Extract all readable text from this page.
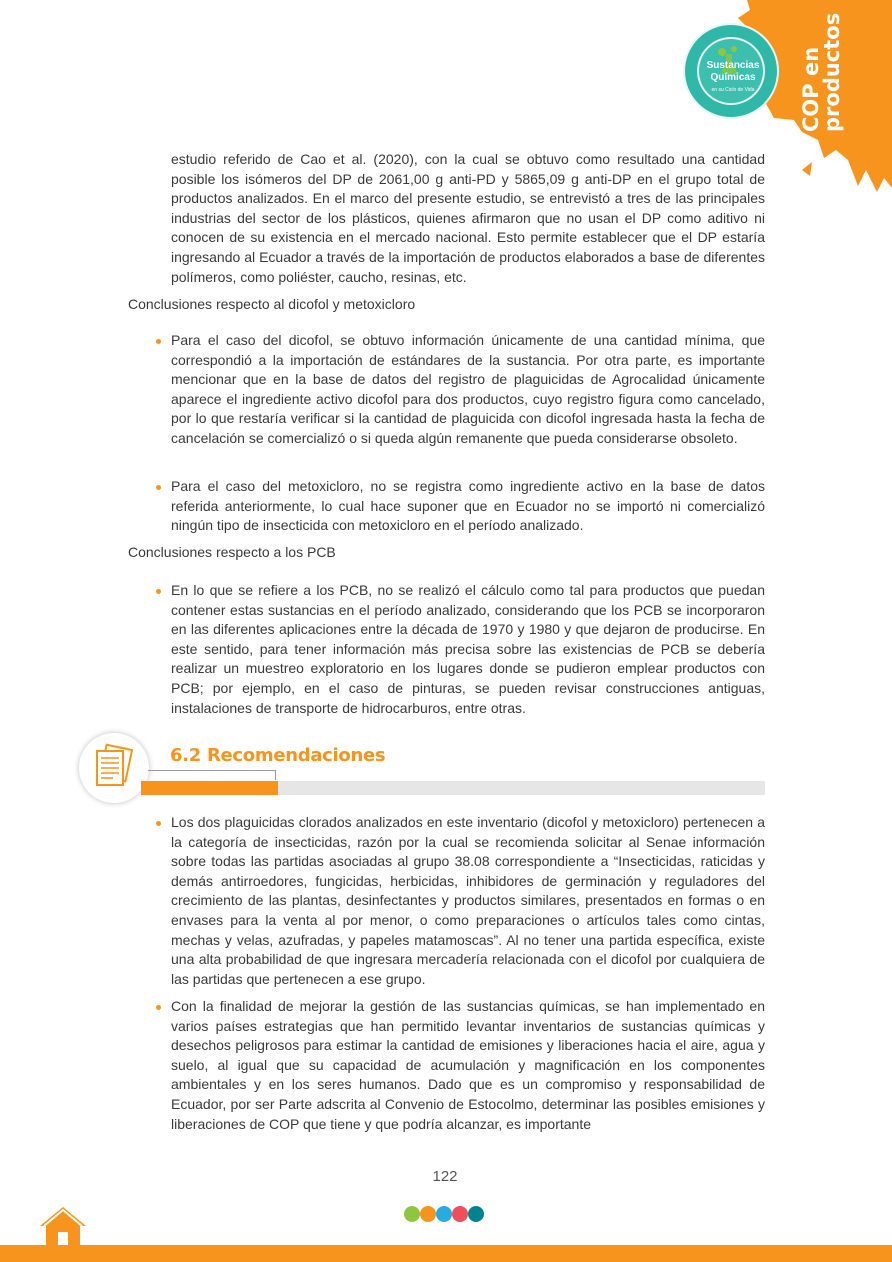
Sustancias
Químicas
en su Ciclo de Vida	COP en
productos

estudio referido de Cao et al. (2020), con la cual se obtuvo como resultado una cantidad posible los isómeros del DP de 2061,00 g anti-PD y 5865,09 g anti-DP en el grupo total de productos analizados. En el marco del presente estudio, se entrevistó a tres de las principales industrias del sector de los plásticos, quienes afirmaron que no usan el DP como aditivo ni conocen de su existencia en el mercado nacional. Esto permite establecer que el DP estaría ingresando al Ecuador a través de la importación de productos elaborados a base de diferentes polímeros, como poliéster, caucho, resinas, etc.

Conclusiones respecto al dicofol y metoxicloro

Para el caso del dicofol, se obtuvo información únicamente de una cantidad mínima, que correspondió a la importación de estándares de la sustancia. Por otra parte, es importante mencionar que en la base de datos del registro de plaguicidas de Agrocalidad únicamente aparece el ingrediente activo dicofol para dos productos, cuyo registro figura como cancelado, por lo que restaría verificar si la cantidad de plaguicida con dicofol ingresada hasta la fecha de cancelación se comercializó o si queda algún remanente que pueda considerarse obsoleto.

Para el caso del metoxicloro, no se registra como ingrediente activo en la base de datos referida anteriormente, lo cual hace suponer que en Ecuador no se importó ni comercializó ningún tipo de insecticida con metoxicloro en el período analizado.

Conclusiones respecto a los PCB

En lo que se refiere a los PCB, no se realizó el cálculo como tal para productos que puedan contener estas sustancias en el período analizado, considerando que los PCB se incorporaron en las diferentes aplicaciones entre la década de 1970 y 1980 y que dejaron de producirse. En este sentido, para tener información más precisa sobre las existencias de PCB se debería realizar un muestreo exploratorio en los lugares donde se pudieron emplear productos con PCB; por ejemplo, en el caso de pinturas, se pueden revisar construcciones antiguas, instalaciones de transporte de hidrocarburos, entre otras.

6.2 Recomendaciones

Los dos plaguicidas clorados analizados en este inventario (dicofol y metoxicloro) pertenecen a la categoría de insecticidas, razón por la cual se recomienda solicitar al Senae información sobre todas las partidas asociadas al grupo 38.08 correspondiente a “Insecticidas, raticidas y demás antirroedores, fungicidas, herbicidas, inhibidores de germinación y reguladores del crecimiento de las plantas, desinfectantes y productos similares, presentados en formas o en envases para la venta al por menor, o como preparaciones o artículos tales como cintas, mechas y velas, azufradas, y papeles matamoscas”. Al no tener una partida específica, existe una alta probabilidad de que ingresara mercadería relacionada con el dicofol por cualquiera de las partidas que pertenecen a ese grupo.

Con la finalidad de mejorar la gestión de las sustancias químicas, se han implementado en varios países estrategias que han permitido levantar inventarios de sustancias químicas y desechos peligrosos para estimar la cantidad de emisiones y liberaciones hacia el aire, agua y suelo, al igual que su capacidad de acumulación y magnificación en los componentes ambientales y en los seres humanos. Dado que es un compromiso y responsabilidad de Ecuador, por ser Parte adscrita al Convenio de Estocolmo, determinar las posibles emisiones y liberaciones de COP que tiene y que podría alcanzar, es importante

122
